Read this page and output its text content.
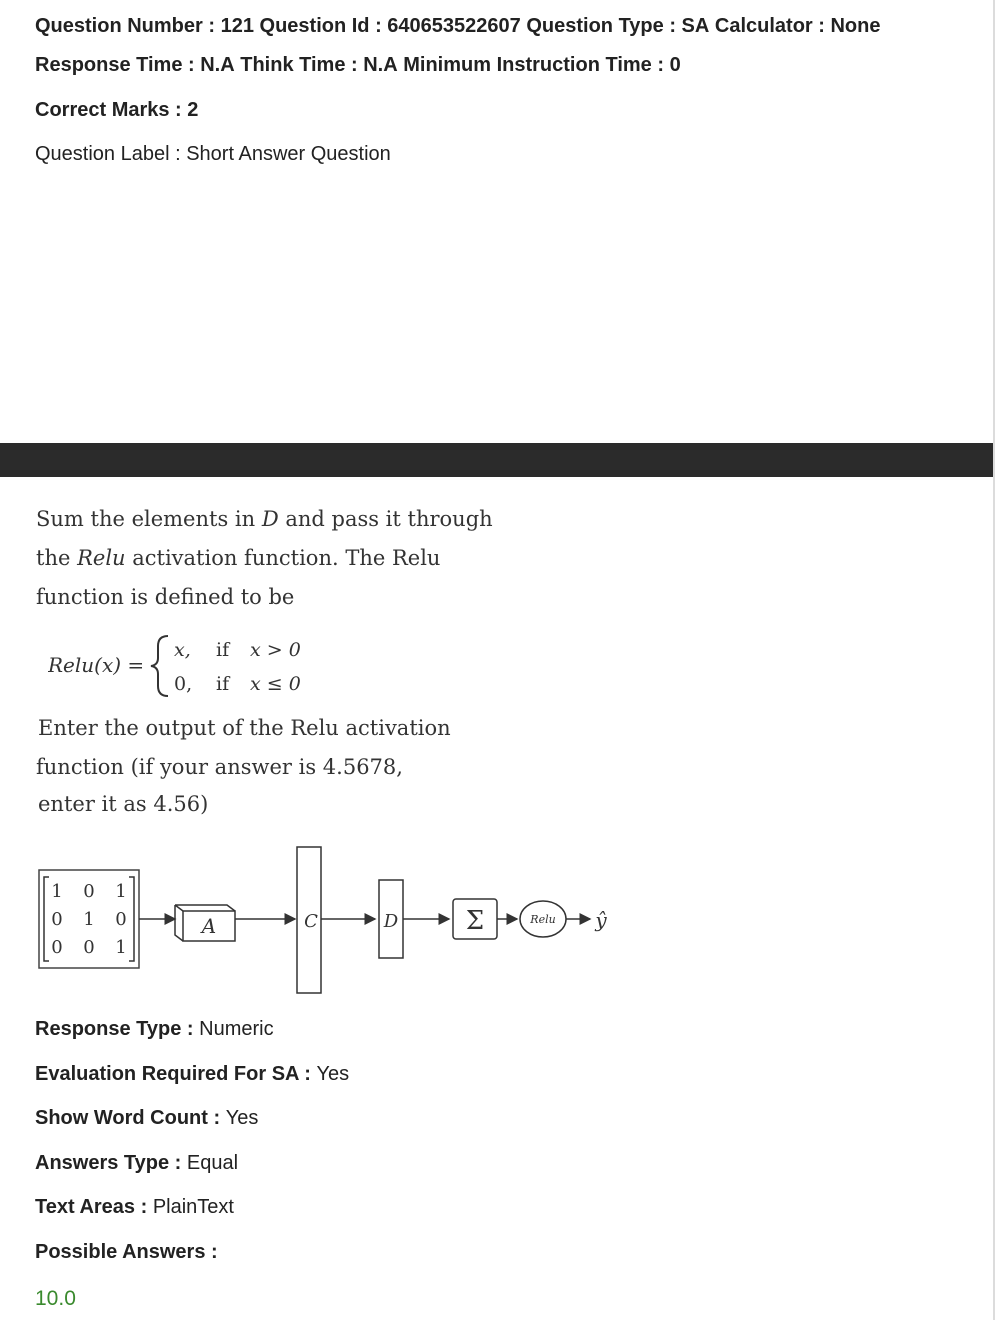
Question Number : 121 Question Id : 640653522607 Question Type : SA Calculator : None
Response Time : N.A Think Time : N.A Minimum Instruction Time : 0
Correct Marks : 2
Question Label : Short Answer Question
Sum the elements in D and pass it through
the Relu activation function. The Relu
function is defined to be
Relu(x) =
x, if x > 0
0, if x ≤ 0
Enter the output of the Relu activation
function (if your answer is 4.5678,
enter it as 4.56)
1 0 1
0 1 0
0 0 1
A	C	D	Σ	Relu ŷ
Response Type : Numeric
Evaluation Required For SA : Yes
Show Word Count : Yes
Answers Type : Equal
Text Areas : PlainText
Possible Answers :
10.0
